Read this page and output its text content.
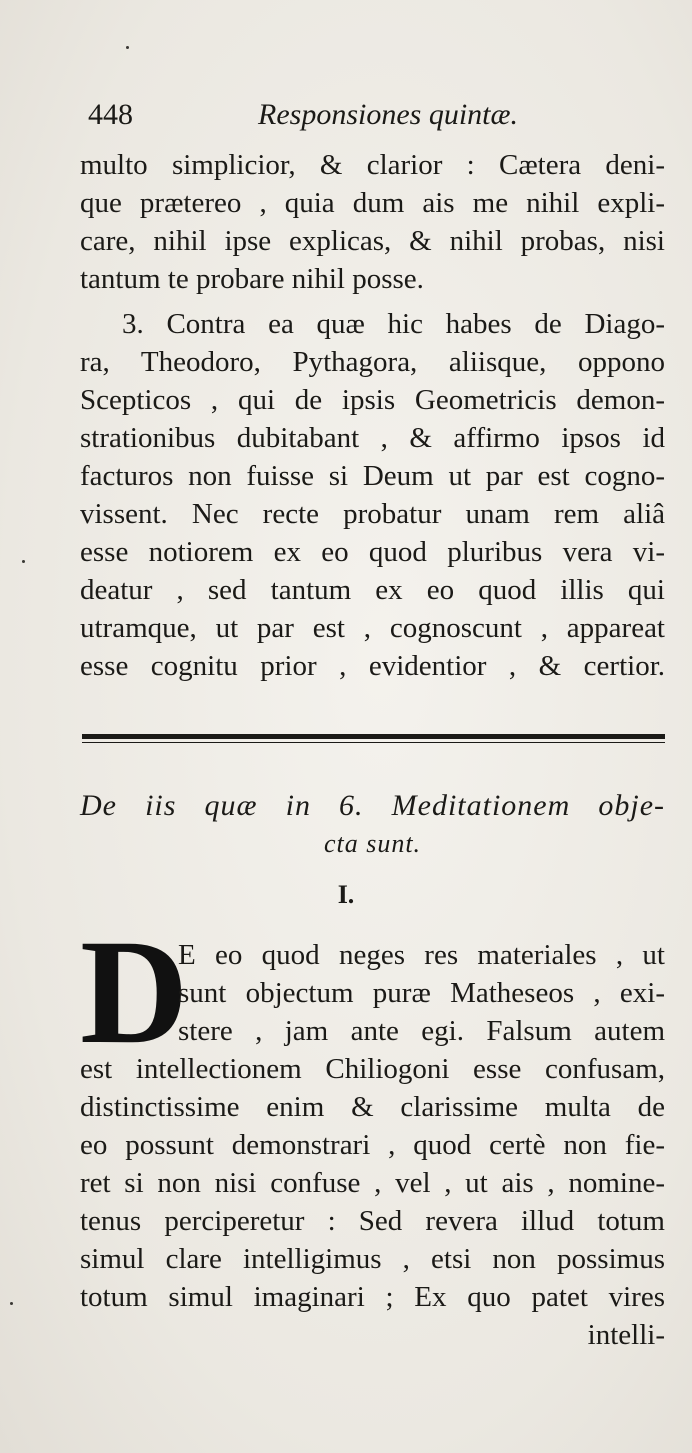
448	Responsiones quintæ.
multo simplicior, & clarior : Cætera deni-
que prætereo , quia dum ais me nihil expli-
care, nihil ipse explicas, & nihil probas, nisi
tantum te probare nihil posse.
3. Contra ea quæ hic habes de Diago-
ra, Theodoro, Pythagora, aliisque, oppono
Scepticos , qui de ipsis Geometricis demon-
strationibus dubitabant , & affirmo ipsos id
facturos non fuisse si Deum ut par est cogno-
vissent. Nec recte probatur unam rem aliâ
esse notiorem ex eo quod pluribus vera vi-
deatur , sed tantum ex eo quod illis qui
utramque, ut par est , cognoscunt , appareat
esse cognitu prior , evidentior , & certior.
De iis quæ in 6. Meditationem obje-
cta sunt.
I.
D
E eo quod neges res materiales , ut
sunt objectum puræ Matheseos , exi-
stere , jam ante egi. Falsum autem
est intellectionem Chiliogoni esse confusam,
distinctissime enim & clarissime multa de
eo possunt demonstrari , quod certè non fie-
ret si non nisi confuse , vel , ut ais , nomine-
tenus perciperetur : Sed revera illud totum
simul clare intelligimus , etsi non possimus
totum simul imaginari ; Ex quo patet vires
intelli-
